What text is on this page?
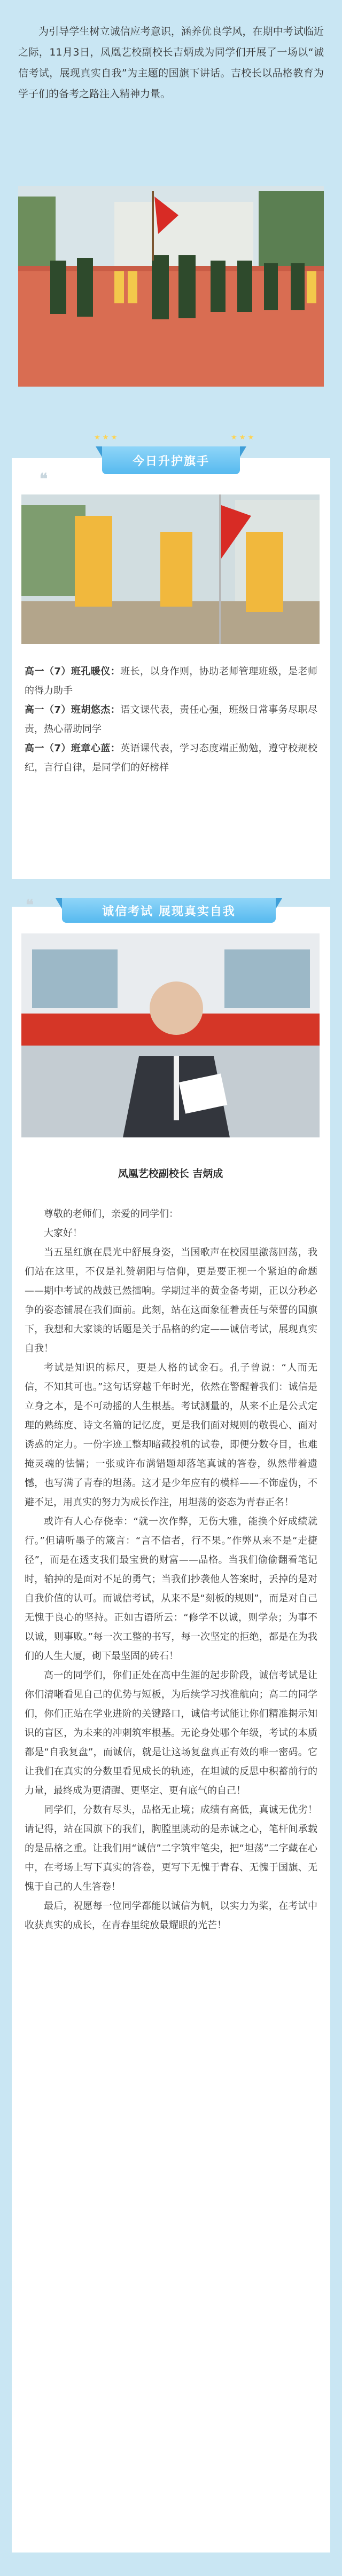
为引导学生树立诚信应考意识，涵养优良学风，在期中考试临近之际，11月3日，凤凰艺校副校长吉炳成为同学们开展了一场以“诚信考试，展现真实自我”为主题的国旗下讲话。吉校长以品格教育为学子们的备考之路注入精神力量。
★ ★ ★
今日升护旗手
★ ★ ★
❝
高一（7）班孔暖仪：班长，以身作则，协助老师管理班级，是老师的得力助手
高一（7）班胡悠杰：语文课代表，责任心强，班级日常事务尽职尽责，热心帮助同学
高一（7）班章心蓝：英语课代表，学习态度端正勤勉，遵守校规校纪，言行自律，是同学们的好榜样
诚信考试 展现真实自我
❝
凤凰艺校副校长 吉炳成

尊敬的老师们，亲爱的同学们：

大家好！

当五星红旗在晨光中舒展身姿，当国歌声在校园里激荡回荡，我们站在这里，不仅是礼赞朝阳与信仰，更是要正视一个紧迫的命题——期中考试的战鼓已然擂响。学期过半的黄金备考期，正以分秒必争的姿态铺展在我们面前。此刻，站在这面象征着责任与荣誓的国旗下，我想和大家谈的话题是关于品格的约定——诚信考试，展现真实自我！

考试是知识的标尺，更是人格的试金石。孔子曾说：“人而无信，不知其可也。”这句话穿越千年时光，依然在警醒着我们：诚信是立身之本，是不可动摇的人生根基。考试测量的，从来不止是公式定理的熟练度、诗文名篇的记忆度，更是我们面对规则的敬畏心、面对诱惑的定力。一份字迹工整却暗藏投机的试卷，即便分数夺目，也难掩灵魂的怯懦；一张或许布满错题却落笔真诚的答卷，纵然带着遗憾，也写满了青春的坦荡。这才是少年应有的模样——不饰虚伪，不避不足，用真实的努力为成长作注，用坦荡的姿态为青春正名！

或许有人心存侥幸：“就一次作弊，无伤大雅，能换个好成绩就行。”但请听墨子的箴言：“言不信者，行不果。”作弊从来不是“走捷径”，而是在透支我们最宝贵的财富——品格。当我们偷偷翻看笔记时，输掉的是面对不足的勇气；当我们抄袭他人答案时，丢掉的是对自我价值的认可。而诚信考试，从来不是“刻板的规则”，而是对自己无愧于良心的坚持。正如古语所云：“修学不以诚，则学杂；为事不以诚，则事败。”每一次工整的书写，每一次坚定的拒绝，都是在为我们的人生大厦，砌下最坚固的砖石！

高一的同学们，你们正处在高中生涯的起步阶段，诚信考试是让你们清晰看见自己的优势与短板，为后续学习找准航向；高二的同学们，你们正站在学业进阶的关键路口，诚信考试能让你们精准揭示知识的盲区，为未来的冲刺筑牢根基。无论身处哪个年级，考试的本质都是“自我复盘”，而诚信，就是让这场复盘真正有效的唯一密码。它让我们在真实的分数里看见成长的轨迹，在坦诚的反思中积蓄前行的力量，最终成为更清醒、更坚定、更有底气的自己！

同学们，分数有尽头，品格无止境；成绩有高低，真诚无优劣！请记得，站在国旗下的我们，胸膛里跳动的是赤诚之心，笔杆间承载的是品格之重。让我们用“诚信”二字筑牢笔尖，把“坦荡”二字藏在心中，在考场上写下真实的答卷，更写下无愧于青春、无愧于国旗、无愧于自己的人生答卷！

最后，祝愿每一位同学都能以诚信为帆，以实力为桨，在考试中收获真实的成长，在青春里绽放最耀眼的光芒！
